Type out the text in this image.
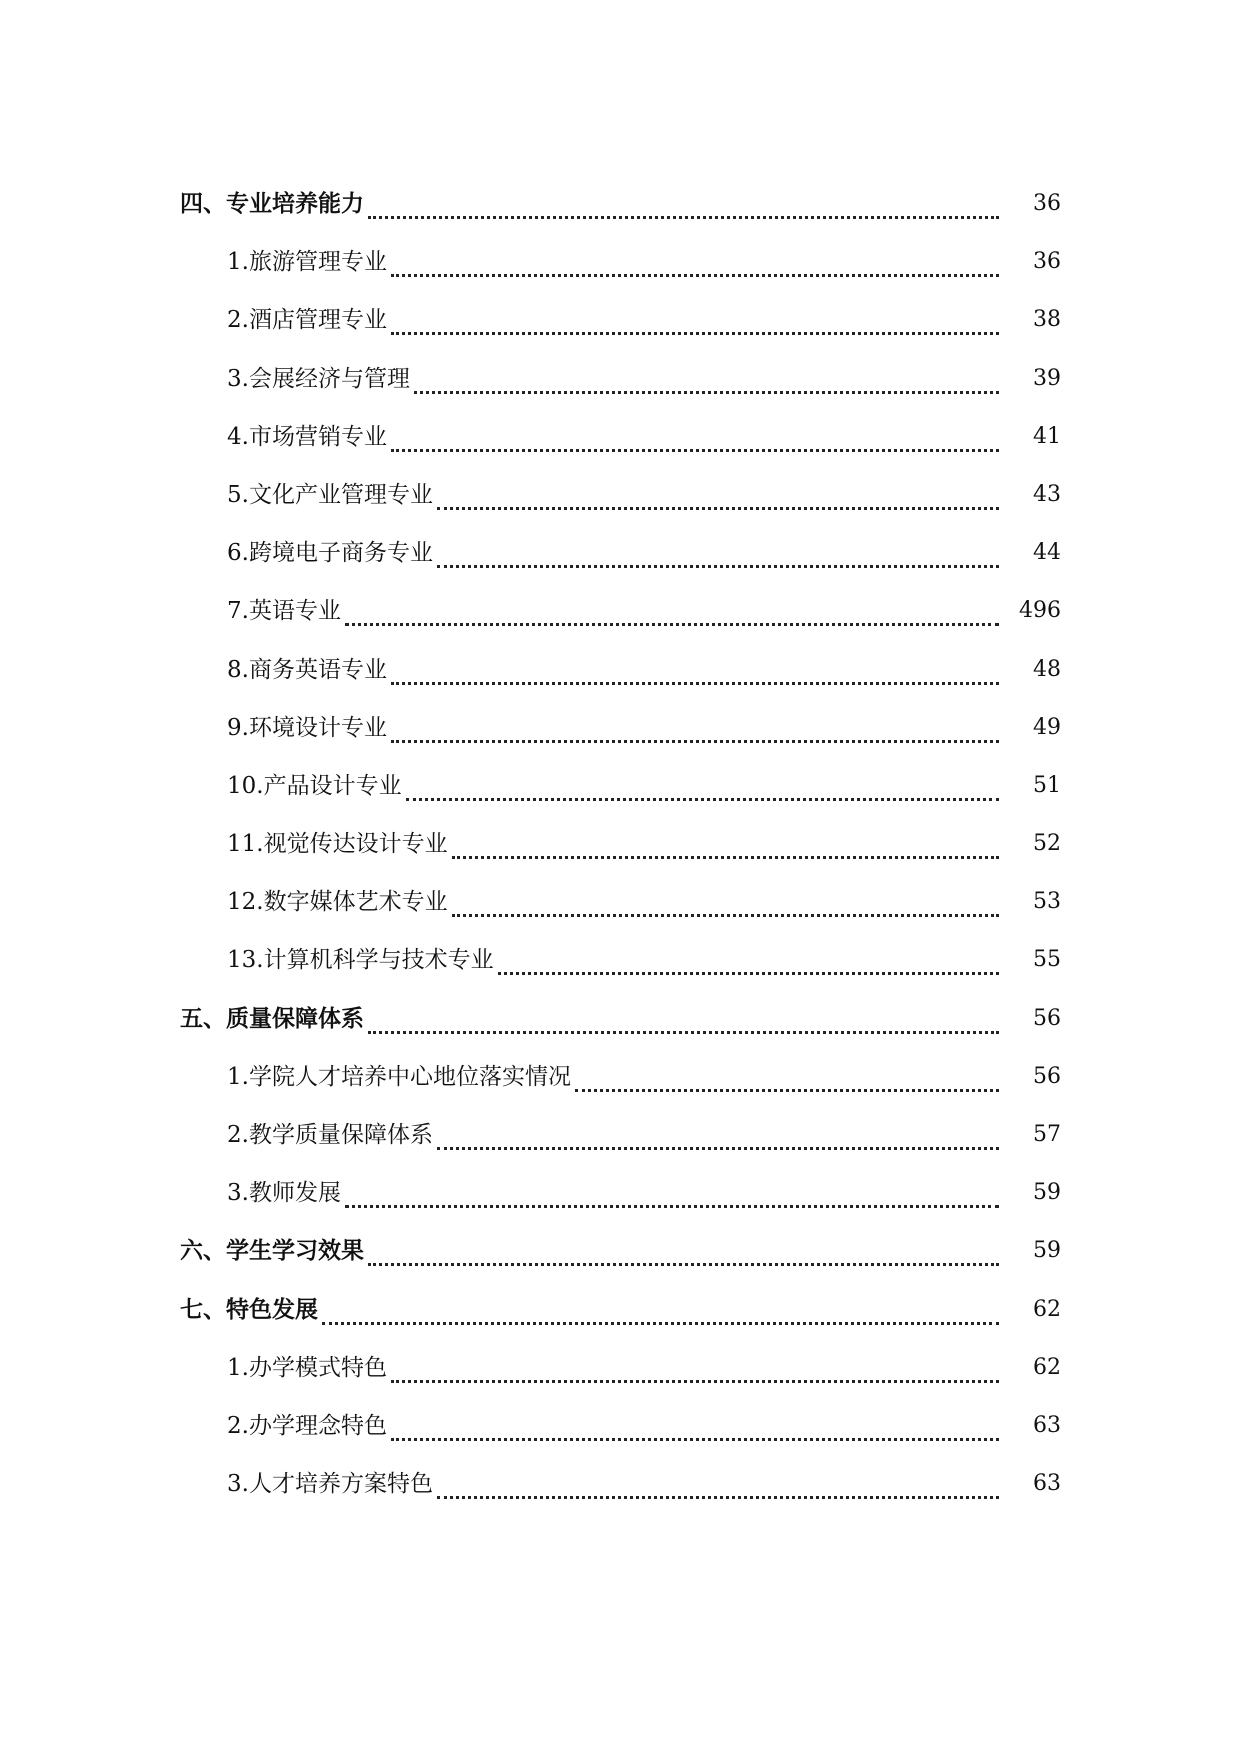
四、专业培养能力	36
1.旅游管理专业	36
2.酒店管理专业	38
3.会展经济与管理	39
4.市场营销专业	41
5.文化产业管理专业	43
6.跨境电子商务专业	44
7.英语专业	496
8.商务英语专业	48
9.环境设计专业	49
10.产品设计专业	51
11.视觉传达设计专业	52
12.数字媒体艺术专业	53
13.计算机科学与技术专业	55
五、质量保障体系	56
1.学院人才培养中心地位落实情况	56
2.教学质量保障体系	57
3.教师发展	59
六、学生学习效果	59
七、特色发展	62
1.办学模式特色	62
2.办学理念特色	63
3.人才培养方案特色	63
